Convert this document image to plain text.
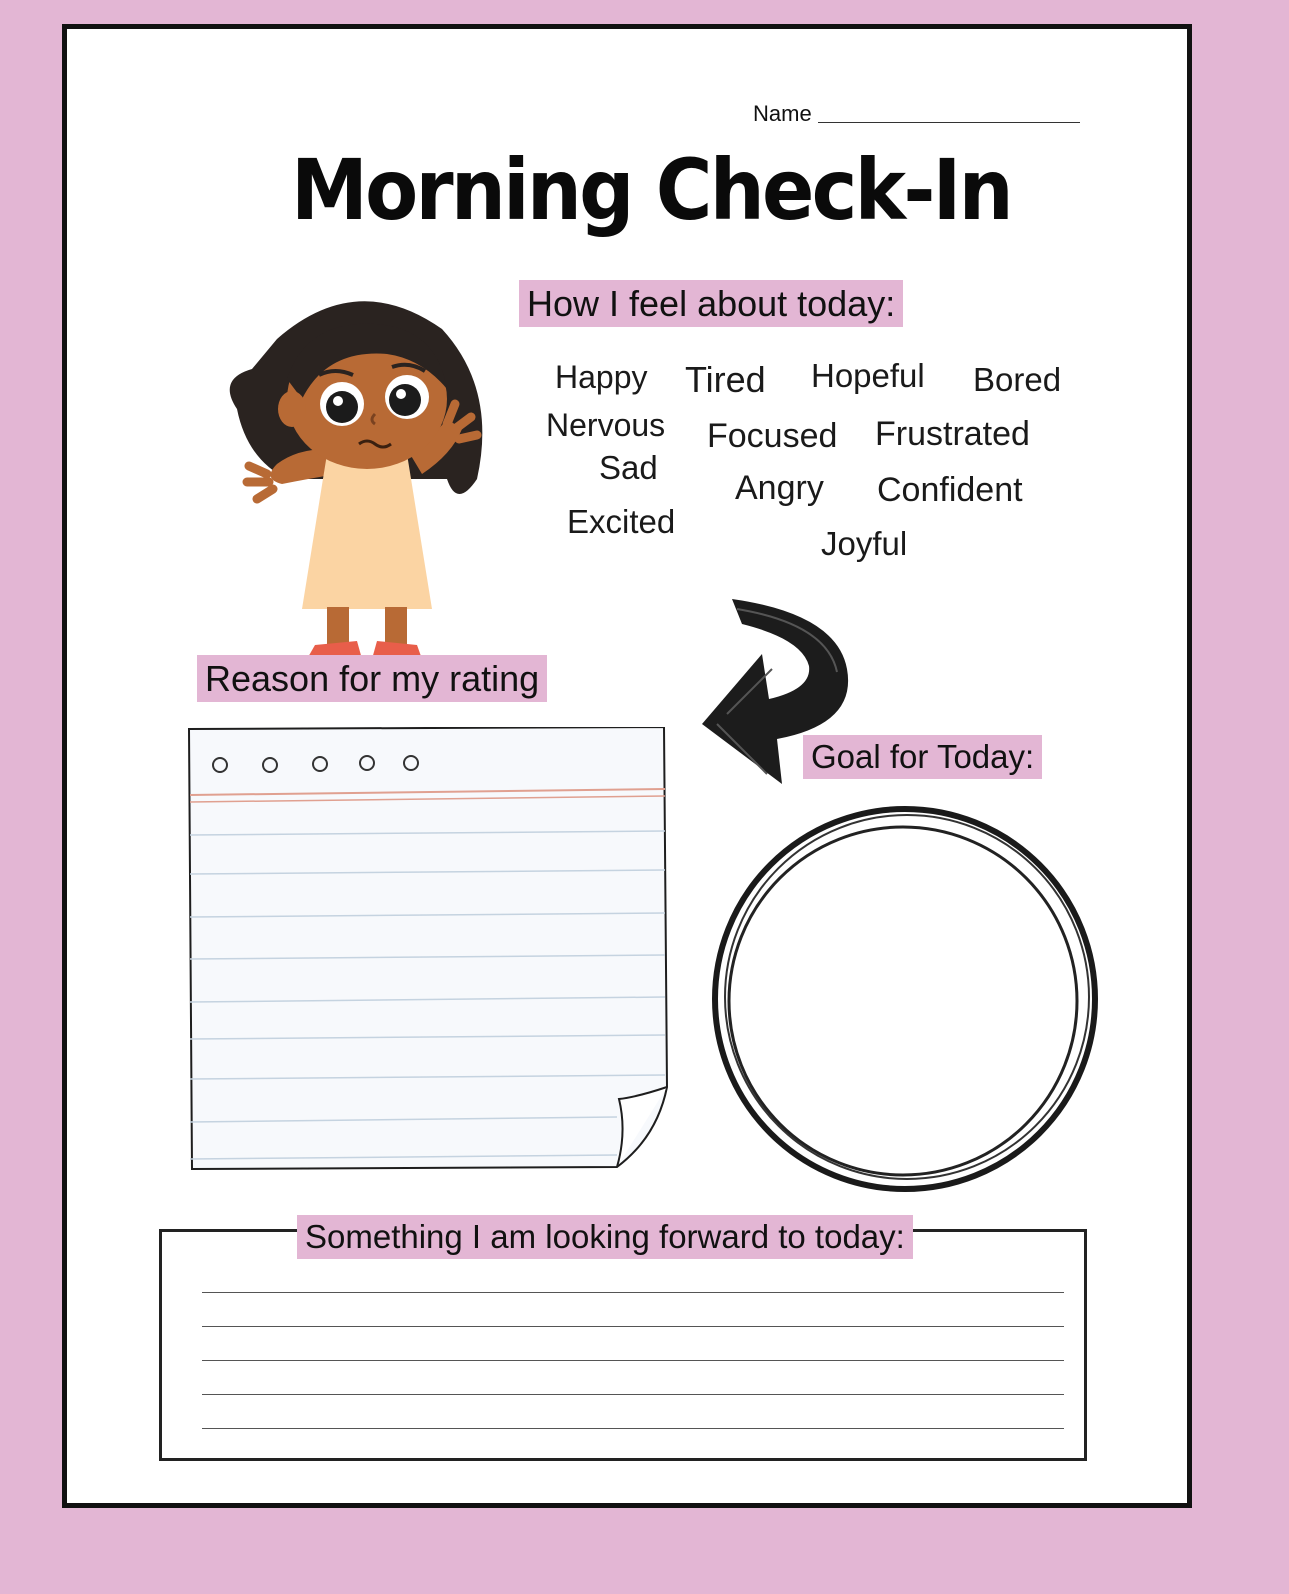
Name
Morning Check-In
How I feel about today:
Happy Tired Hopeful Bored
Nervous Focused Frustrated
Sad
Angry Confident
Excited
Joyful
Reason for my rating
Goal for Today:
Something I am looking forward to today:
